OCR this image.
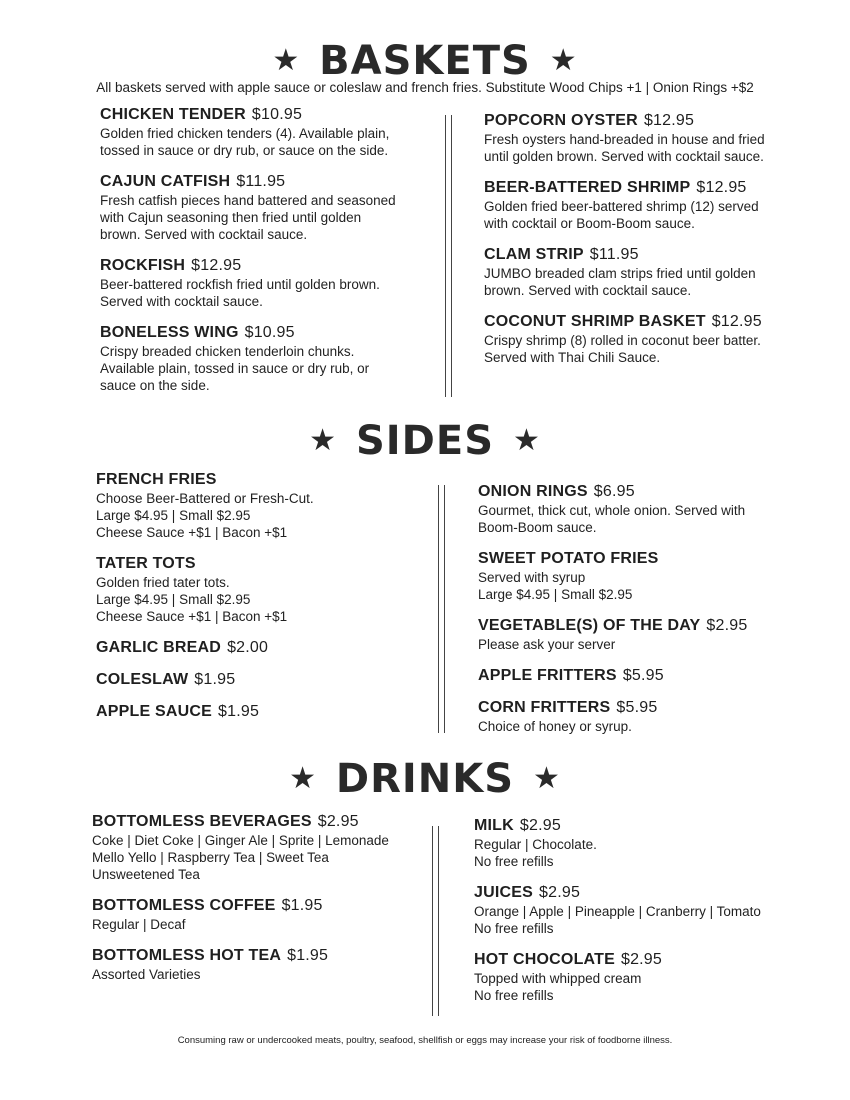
★ BASKETS ★
All baskets served with apple sauce or coleslaw and french fries. Substitute Wood Chips +1 | Onion Rings +$2
CHICKEN TENDER $10.95
Golden fried chicken tenders (4). Available plain,
tossed in sauce or dry rub, or sauce on the side.
CAJUN CATFISH $11.95
Fresh catfish pieces hand battered and seasoned
with Cajun seasoning then fried until golden
brown. Served with cocktail sauce.
ROCKFISH $12.95
Beer-battered rockfish fried until golden brown.
Served with cocktail sauce.
BONELESS WING $10.95
Crispy breaded chicken tenderloin chunks.
Available plain, tossed in sauce or dry rub, or
sauce on the side.
POPCORN OYSTER $12.95
Fresh oysters hand-breaded in house and fried
until golden brown. Served with cocktail sauce.
BEER-BATTERED SHRIMP $12.95
Golden fried beer-battered shrimp (12) served
with cocktail or Boom-Boom sauce.
CLAM STRIP $11.95
JUMBO breaded clam strips fried until golden
brown. Served with cocktail sauce.
COCONUT SHRIMP BASKET $12.95
Crispy shrimp (8) rolled in coconut beer batter.
Served with Thai Chili Sauce.
★ SIDES ★
FRENCH FRIES
Choose Beer-Battered or Fresh-Cut.
Large $4.95 | Small $2.95
Cheese Sauce +$1 | Bacon +$1
TATER TOTS
Golden fried tater tots.
Large $4.95 | Small $2.95
Cheese Sauce +$1 | Bacon +$1
GARLIC BREAD $2.00
COLESLAW $1.95
APPLE SAUCE $1.95
ONION RINGS $6.95
Gourmet, thick cut, whole onion. Served with
Boom-Boom sauce.
SWEET POTATO FRIES
Served with syrup
Large $4.95 | Small $2.95
VEGETABLE(S) OF THE DAY $2.95
Please ask your server
APPLE FRITTERS $5.95
CORN FRITTERS $5.95
Choice of honey or syrup.
★ DRINKS ★
BOTTOMLESS BEVERAGES $2.95
Coke | Diet Coke | Ginger Ale | Sprite | Lemonade
Mello Yello | Raspberry Tea | Sweet Tea
Unsweetened Tea
BOTTOMLESS COFFEE $1.95
Regular | Decaf
BOTTOMLESS HOT TEA $1.95
Assorted Varieties
MILK $2.95
Regular | Chocolate.
No free refills
JUICES $2.95
Orange | Apple | Pineapple | Cranberry | Tomato
No free refills
HOT CHOCOLATE $2.95
Topped with whipped cream
No free refills
Consuming raw or undercooked meats, poultry, seafood, shellfish or eggs may increase your risk of foodborne illness.
